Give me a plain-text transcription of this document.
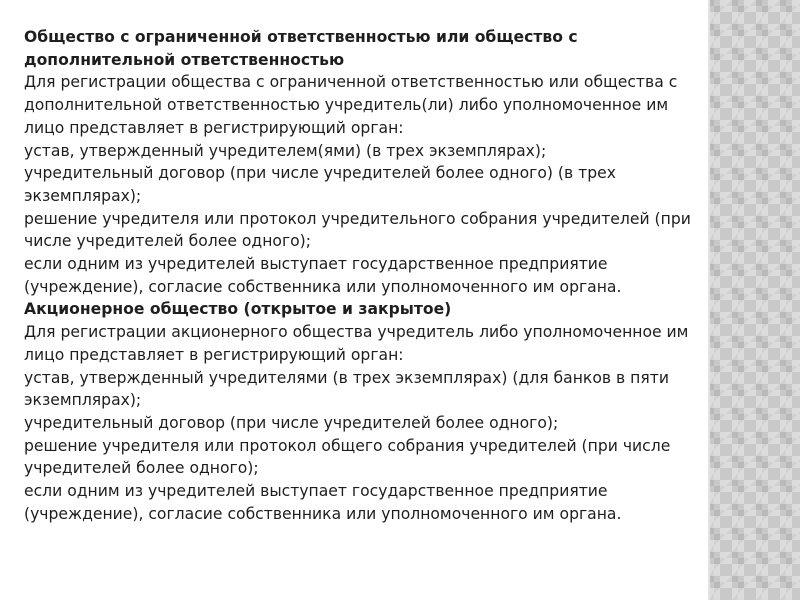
Общество с ограниченной ответственностью или общество с дополнительной ответственностью

Для регистрации общества с ограниченной ответственностью или общества с дополнительной ответственностью учредитель(ли) либо уполномоченное им лицо представляет в регистрирующий орган:

устав, утвержденный учредителем(ями) (в трех экземплярах);

учредительный договор (при числе учредителей более одного) (в трех экземплярах);

решение учредителя или протокол учредительного собрания учредителей (при числе учредителей более одного);

если одним из учредителей выступает государственное предприятие (учреждение), согласие собственника или уполномоченного им органа.

Акционерное общество (открытое и закрытое)

Для регистрации акционерного общества учредитель либо уполномоченное им лицо представляет в регистрирующий орган:

устав, утвержденный учредителями (в трех экземплярах) (для банков в пяти экземплярах);

учредительный договор (при числе учредителей более одного);

решение учредителя или протокол общего собрания учредителей (при числе учредителей более одного);

если одним из учредителей выступает государственное предприятие (учреждение), согласие собственника или уполномоченного им органа.
